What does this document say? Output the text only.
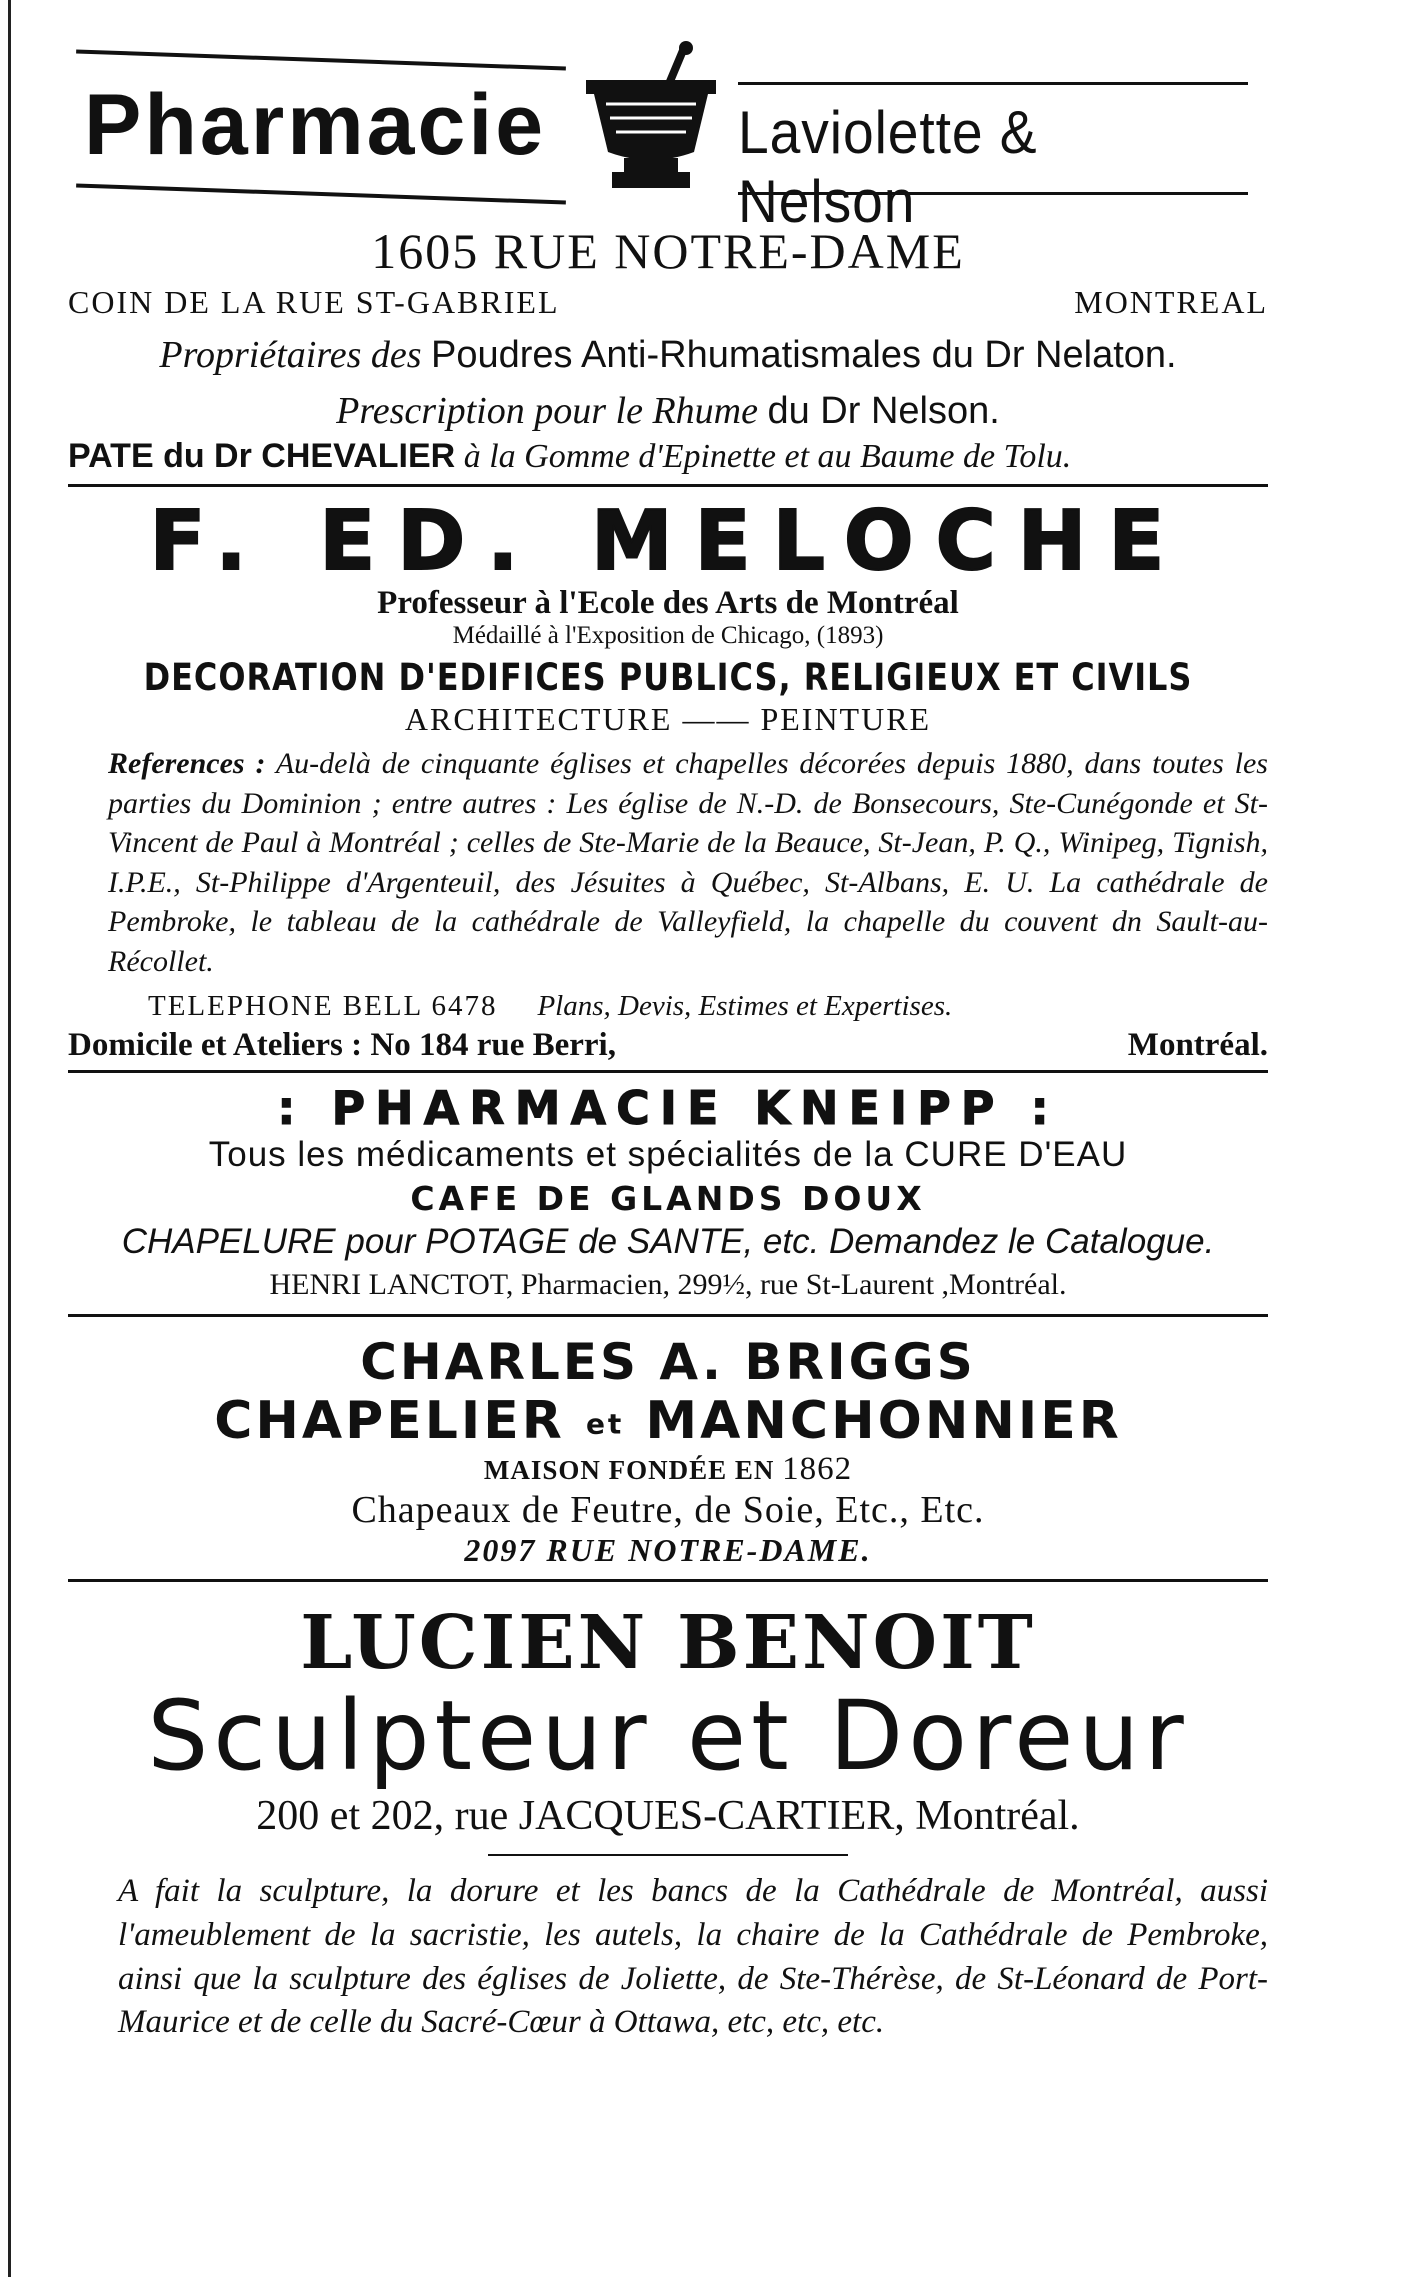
Pharmacie	Laviolette & Nelson
1605 RUE NOTRE-DAME
COIN DE LA RUE ST-GABRIEL	MONTREAL
Propriétaires des Poudres Anti-Rhumatismales du Dr Nelaton.
Prescription pour le Rhume du Dr Nelson.
PATE du Dr CHEVALIER à la Gomme d'Epinette et au Baume de Tolu.
F. ED. MELOCHE
Professeur à l'Ecole des Arts de Montréal
Médaillé à l'Exposition de Chicago, (1893)
DECORATION D'EDIFICES PUBLICS, RELIGIEUX ET CIVILS
ARCHITECTURE —— PEINTURE

References : Au-delà de cinquante églises et chapelles décorées depuis 1880, dans toutes les parties du Dominion ; entre autres : Les église de N.-D. de Bonsecours, Ste-Cunégonde et St-Vincent de Paul à Montréal ; celles de Ste-Marie de la Beauce, St-Jean, P. Q., Winipeg, Tignish, I.P.E., St-Philippe d'Argenteuil, des Jésuites à Québec, St-Albans, E. U. La cathédrale de Pembroke, le tableau de la cathédrale de Valleyfield, la chapelle du couvent dn Sault-au-Récollet.

TELEPHONE BELL 6478 Plans, Devis, Estimes et Expertises.
Domicile et Ateliers : No 184 rue Berri,	Montréal.
: PHARMACIE KNEIPP :
Tous les médicaments et spécialités de la CURE D'EAU
CAFE DE GLANDS DOUX
CHAPELURE pour POTAGE de SANTE, etc. Demandez le Catalogue.
HENRI LANCTOT, Pharmacien, 299½, rue St-Laurent ,Montréal.
CHARLES A. BRIGGS
CHAPELIER et MANCHONNIER
MAISON FONDÉE EN 1862
Chapeaux de Feutre, de Soie, Etc., Etc.
2097 RUE NOTRE-DAME.
LUCIEN BENOIT
Sculpteur et Doreur
200 et 202, rue JACQUES-CARTIER, Montréal.

A fait la sculpture, la dorure et les bancs de la Cathédrale de Montréal, aussi l'ameublement de la sacristie, les autels, la chaire de la Cathédrale de Pembroke, ainsi que la sculpture des églises de Joliette, de Ste-Thérèse, de St-Léonard de Port-Maurice et de celle du Sacré-Cœur à Ottawa, etc, etc, etc.
